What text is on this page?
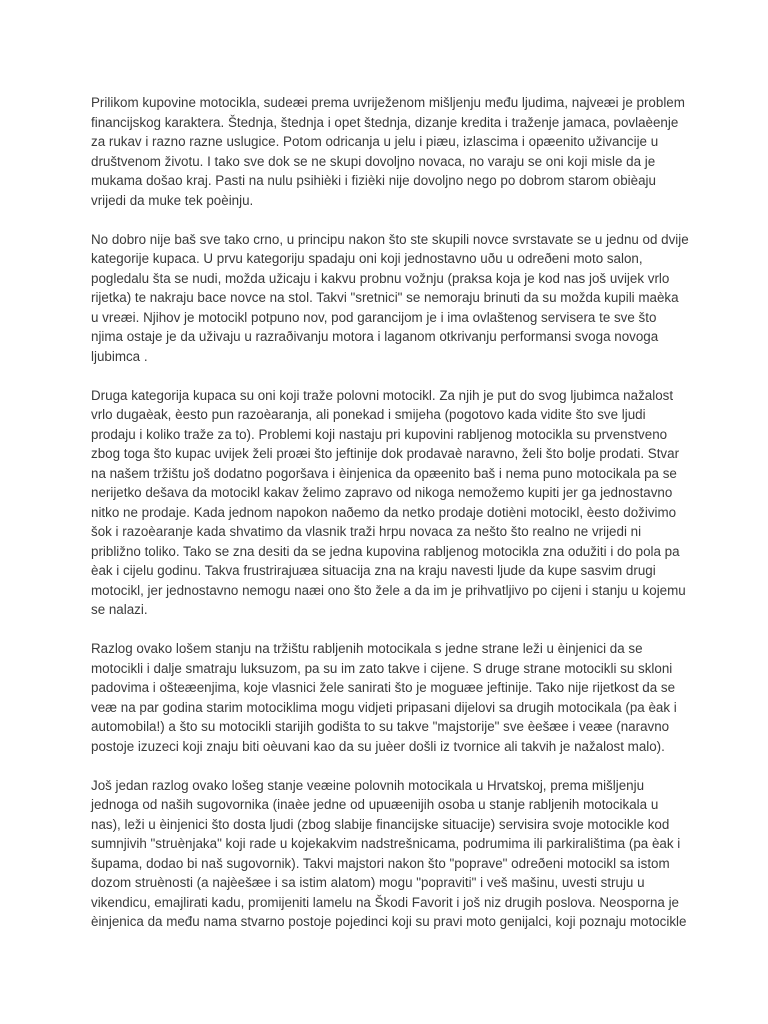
Prilikom kupovine motocikla, sudeæi prema uvriježenom mišljenju među ljudima, najveæi je problem
financijskog karaktera. Štednja, štednja i opet štednja, dizanje kredita i traženje jamaca, povlaèenje
za rukav i razno razne uslugice. Potom odricanja u jelu i piæu, izlascima i opæenito uživancije u
društvenom životu. I tako sve dok se ne skupi dovoljno novaca, no varaju se oni koji misle da je
mukama došao kraj. Pasti na nulu psihièki i fizièki nije dovoljno nego po dobrom starom obièaju
vrijedi da muke tek poèinju.

No dobro nije baš sve tako crno, u principu nakon što ste skupili novce svrstavate se u jednu od dvije
kategorije kupaca. U prvu kategoriju spadaju oni koji jednostavno uðu u odreðeni moto salon,
pogledalu šta se nudi, možda užicaju i kakvu probnu vožnju (praksa koja je kod nas još uvijek vrlo
rijetka) te nakraju bace novce na stol. Takvi "sretnici" se nemoraju brinuti da su možda kupili maèka
u vreæi. Njihov je motocikl potpuno nov, pod garancijom je i ima ovlaštenog servisera te sve što
njima ostaje je da uživaju u razraðivanju motora i laganom otkrivanju performansi svoga novoga
ljubimca .

Druga kategorija kupaca su oni koji traže polovni motocikl. Za njih je put do svog ljubimca nažalost
vrlo dugaèak, èesto pun razoèaranja, ali ponekad i smijeha (pogotovo kada vidite što sve ljudi
prodaju i koliko traže za to). Problemi koji nastaju pri kupovini rabljenog motocikla su prvenstveno
zbog toga što kupac uvijek želi proæi što jeftinije dok prodavaè naravno, želi što bolje prodati. Stvar
na našem tržištu još dodatno pogoršava i èinjenica da opæenito baš i nema puno motocikala pa se
nerijetko dešava da motocikl kakav želimo zapravo od nikoga nemožemo kupiti jer ga jednostavno
nitko ne prodaje. Kada jednom napokon naðemo da netko prodaje dotièni motocikl, èesto doživimo
šok i razoèaranje kada shvatimo da vlasnik traži hrpu novaca za nešto što realno ne vrijedi ni
približno toliko. Tako se zna desiti da se jedna kupovina rabljenog motocikla zna odužiti i do pola pa
èak i cijelu godinu. Takva frustrirajuæa situacija zna na kraju navesti ljude da kupe sasvim drugi
motocikl, jer jednostavno nemogu naæi ono što žele a da im je prihvatljivo po cijeni i stanju u kojemu
se nalazi.

Razlog ovako lošem stanju na tržištu rabljenih motocikala s jedne strane leži u èinjenici da se
motocikli i dalje smatraju luksuzom, pa su im zato takve i cijene. S druge strane motocikli su skloni
padovima i ošteæenjima, koje vlasnici žele sanirati što je moguæe jeftinije. Tako nije rijetkost da se
veæ na par godina starim motociklima mogu vidjeti pripasani dijelovi sa drugih motocikala (pa èak i
automobila!) a što su motocikli starijih godišta to su takve "majstorije" sve èešæe i veæe (naravno
postoje izuzeci koji znaju biti oèuvani kao da su juèer došli iz tvornice ali takvih je nažalost malo).

Još jedan razlog ovako lošeg stanje veæine polovnih motocikala u Hrvatskoj, prema mišljenju
jednoga od naših sugovornika (inaèe jedne od upuæenijih osoba u stanje rabljenih motocikala u
nas), leži u èinjenici što dosta ljudi (zbog slabije financijske situacije) servisira svoje motocikle kod
sumnjivih "struènjaka" koji rade u kojekakvim nadstrešnicama, podrumima ili parkiralištima (pa èak i
šupama, dodao bi naš sugovornik). Takvi majstori nakon što "poprave" odreðeni motocikl sa istom
dozom struènosti (a najèešæe i sa istim alatom) mogu "popraviti" i veš mašinu, uvesti struju u
vikendicu, emajlirati kadu, promijeniti lamelu na Škodi Favorit i još niz drugih poslova. Neosporna je
èinjenica da među nama stvarno postoje pojedinci koji su pravi moto genijalci, koji poznaju motocikle
